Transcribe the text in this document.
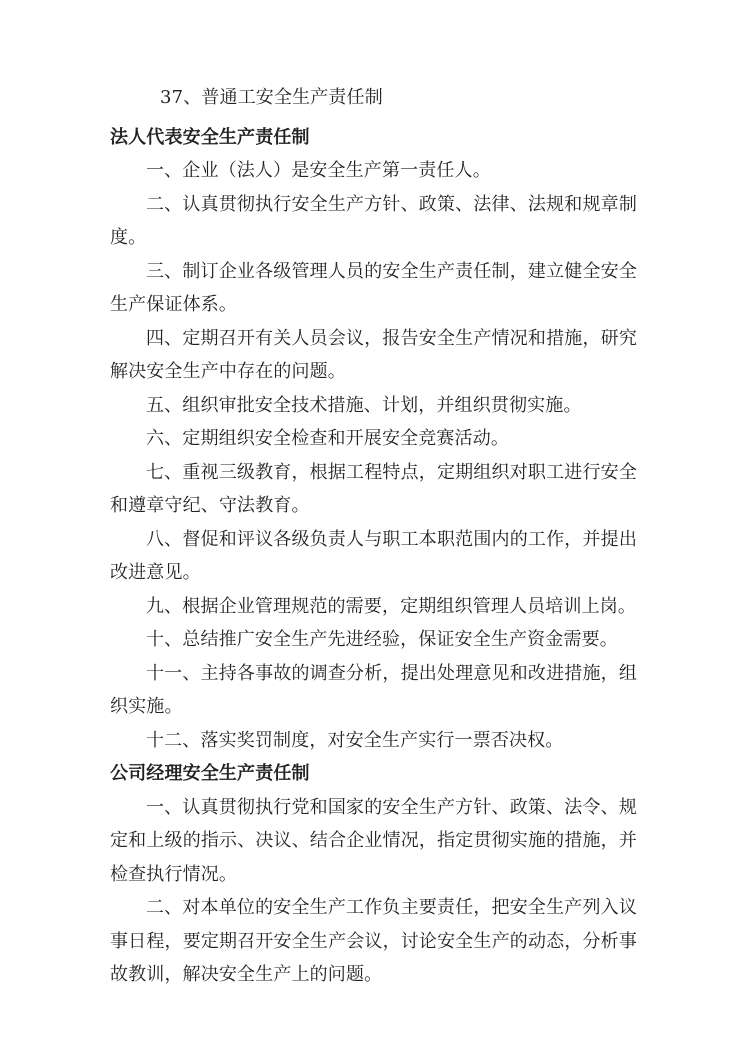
37、普通工安全生产责任制

法人代表安全生产责任制

一、企业（法人）是安全生产第一责任人。

二、认真贯彻执行安全生产方针、政策、法律、法规和规章制度。

三、制订企业各级管理人员的安全生产责任制，建立健全安全生产保证体系。

四、定期召开有关人员会议，报告安全生产情况和措施，研究解决安全生产中存在的问题。

五、组织审批安全技术措施、计划，并组织贯彻实施。

六、定期组织安全检查和开展安全竞赛活动。

七、重视三级教育，根据工程特点，定期组织对职工进行安全和遵章守纪、守法教育。

八、督促和评议各级负责人与职工本职范围内的工作，并提出改进意见。

九、根据企业管理规范的需要，定期组织管理人员培训上岗。

十、总结推广安全生产先进经验，保证安全生产资金需要。

十一、主持各事故的调查分析，提出处理意见和改进措施，组织实施。

十二、落实奖罚制度，对安全生产实行一票否决权。

公司经理安全生产责任制

一、认真贯彻执行党和国家的安全生产方针、政策、法令、规定和上级的指示、决议、结合企业情况，指定贯彻实施的措施，并检查执行情况。

二、对本单位的安全生产工作负主要责任，把安全生产列入议事日程，要定期召开安全生产会议，讨论安全生产的动态，分析事故教训，解决安全生产上的问题。
